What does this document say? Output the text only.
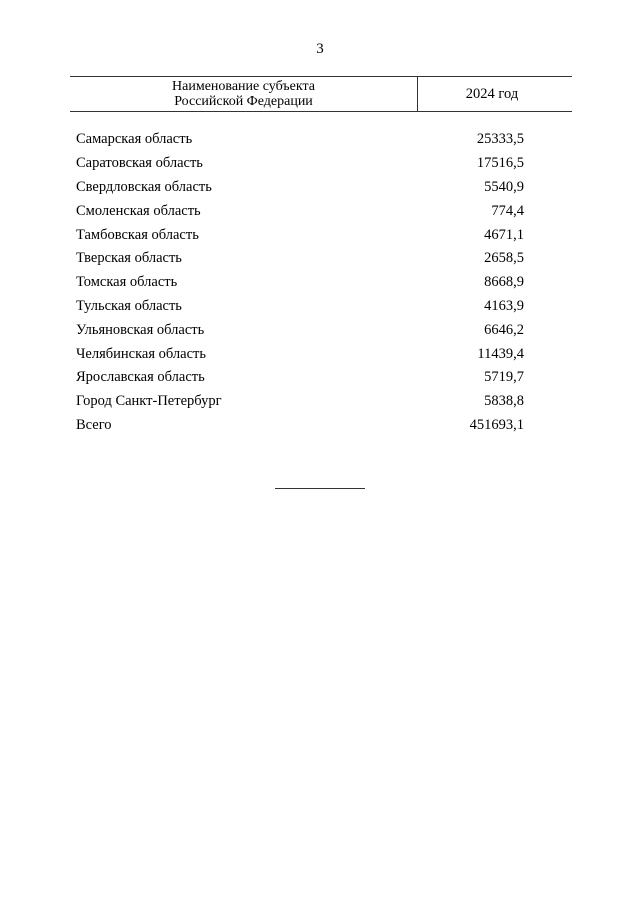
3
Наименование субъекта
Российской Федерации	2024 год
Самарская область	25333,5
Саратовская область	17516,5
Свердловская область	5540,9
Смоленская область	774,4
Тамбовская область	4671,1
Тверская область	2658,5
Томская область	8668,9
Тульская область	4163,9
Ульяновская область	6646,2
Челябинская область	11439,4
Ярославская область	5719,7
Город Санкт-Петербург	5838,8
Всего	451693,1
